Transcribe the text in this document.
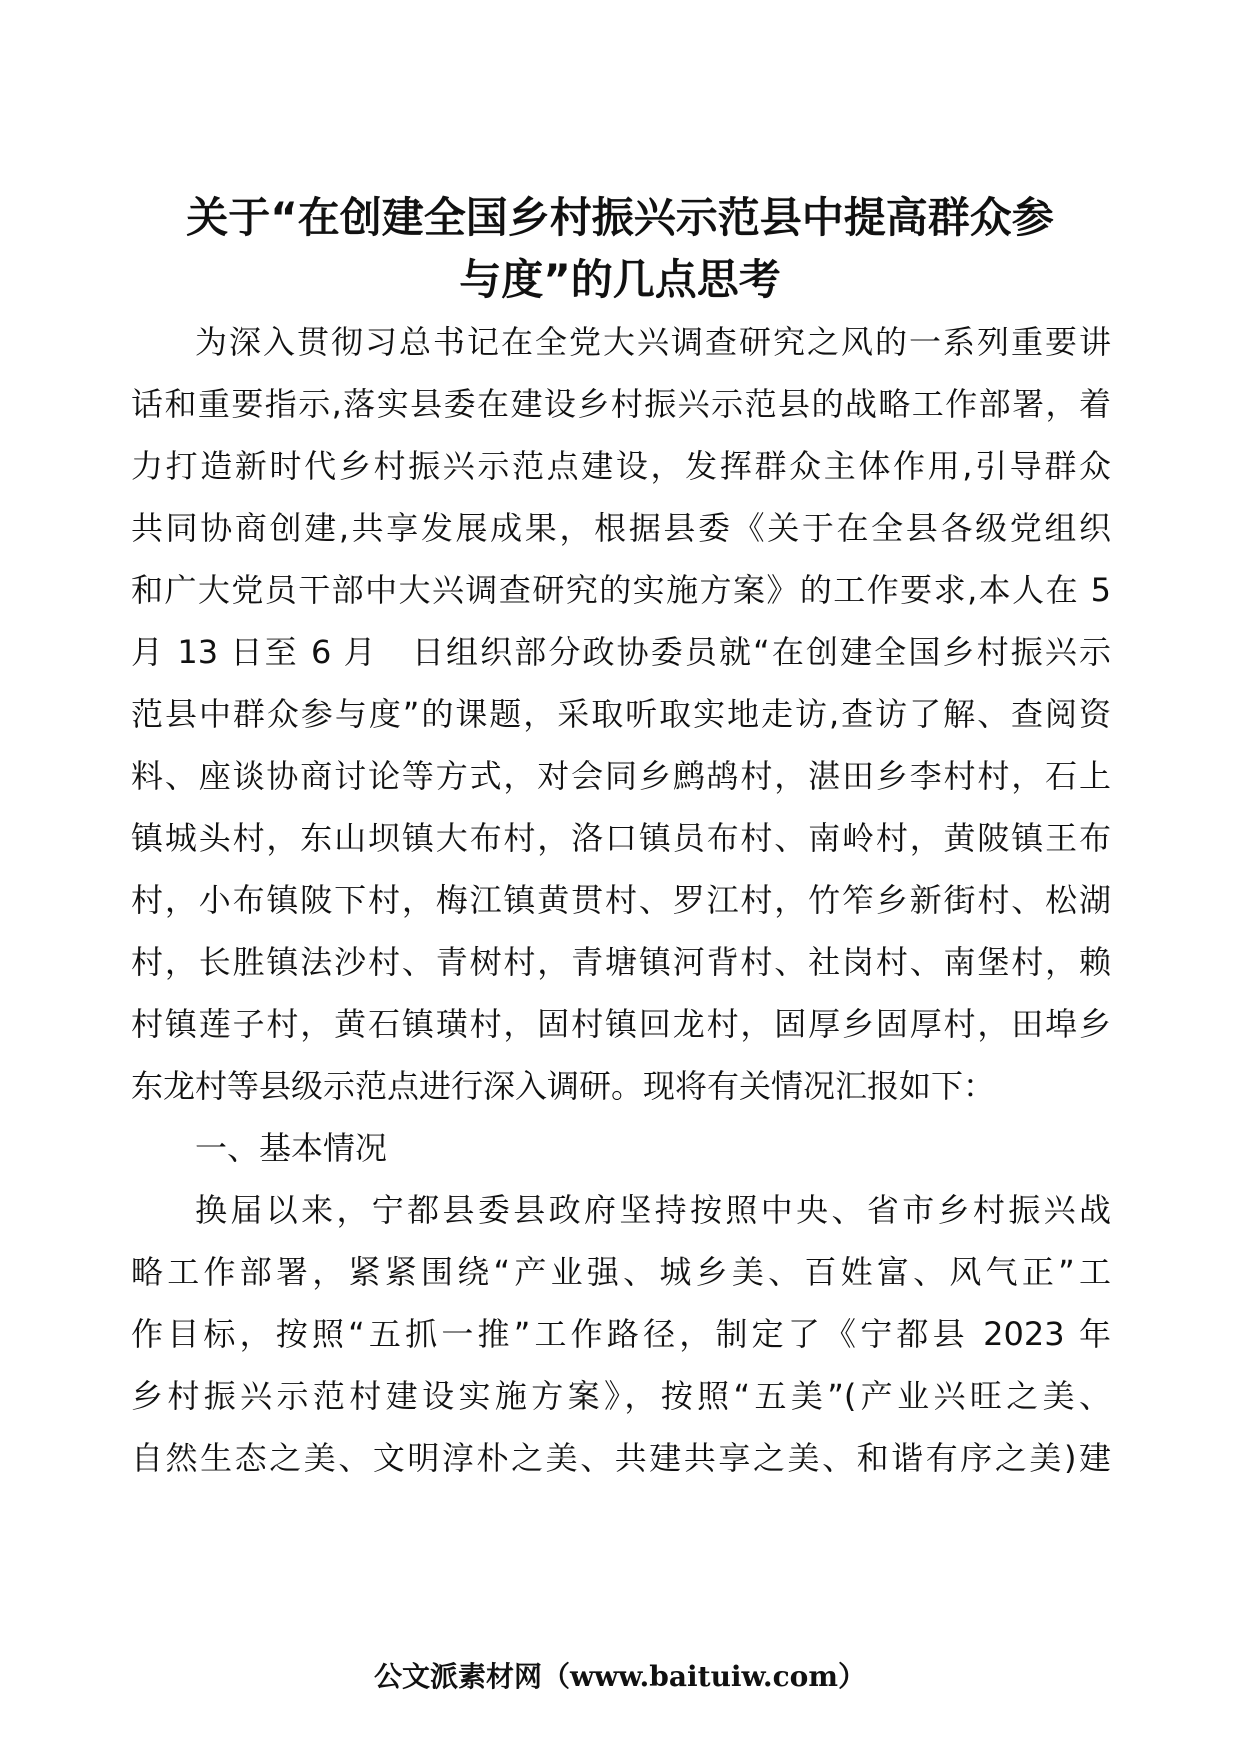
关于“在创建全国乡村振兴示范县中提高群众参
与度”的几点思考
为深入贯彻习总书记在全党大兴调查研究之风的一系列重要讲
话和重要指示,落实县委在建设乡村振兴示范县的战略工作部署，着
力打造新时代乡村振兴示范点建设，发挥群众主体作用,引导群众
共同协商创建,共享发展成果，根据县委《关于在全县各级党组织
和广大党员干部中大兴调查研究的实施方案》的工作要求,本人在 5
月 13 日至 6 月　日组织部分政协委员就“在创建全国乡村振兴示
范县中群众参与度”的课题，采取听取实地走访,查访了解、查阅资
料、座谈协商讨论等方式，对会同乡鹧鸪村，湛田乡李村村，石上
镇城头村，东山坝镇大布村，洛口镇员布村、南岭村，黄陂镇王布
村，小布镇陂下村，梅江镇黄贯村、罗江村，竹笮乡新街村、松湖
村，长胜镇法沙村、青树村，青塘镇河背村、社岗村、南堡村，赖
村镇莲子村，黄石镇璜村，固村镇回龙村，固厚乡固厚村，田埠乡
东龙村等县级示范点进行深入调研。现将有关情况汇报如下：
一、基本情况
换届以来，宁都县委县政府坚持按照中央、省市乡村振兴战
略工作部署，紧紧围绕“产业强、城乡美、百姓富、风气正”工
作目标，按照“五抓一推”工作路径，制定了《宁都县 2023 年
乡村振兴示范村建设实施方案》，按照“五美”(产业兴旺之美、
自然生态之美、文明淳朴之美、共建共享之美、和谐有序之美)建
公文派素材网（www.baituiw.com）
